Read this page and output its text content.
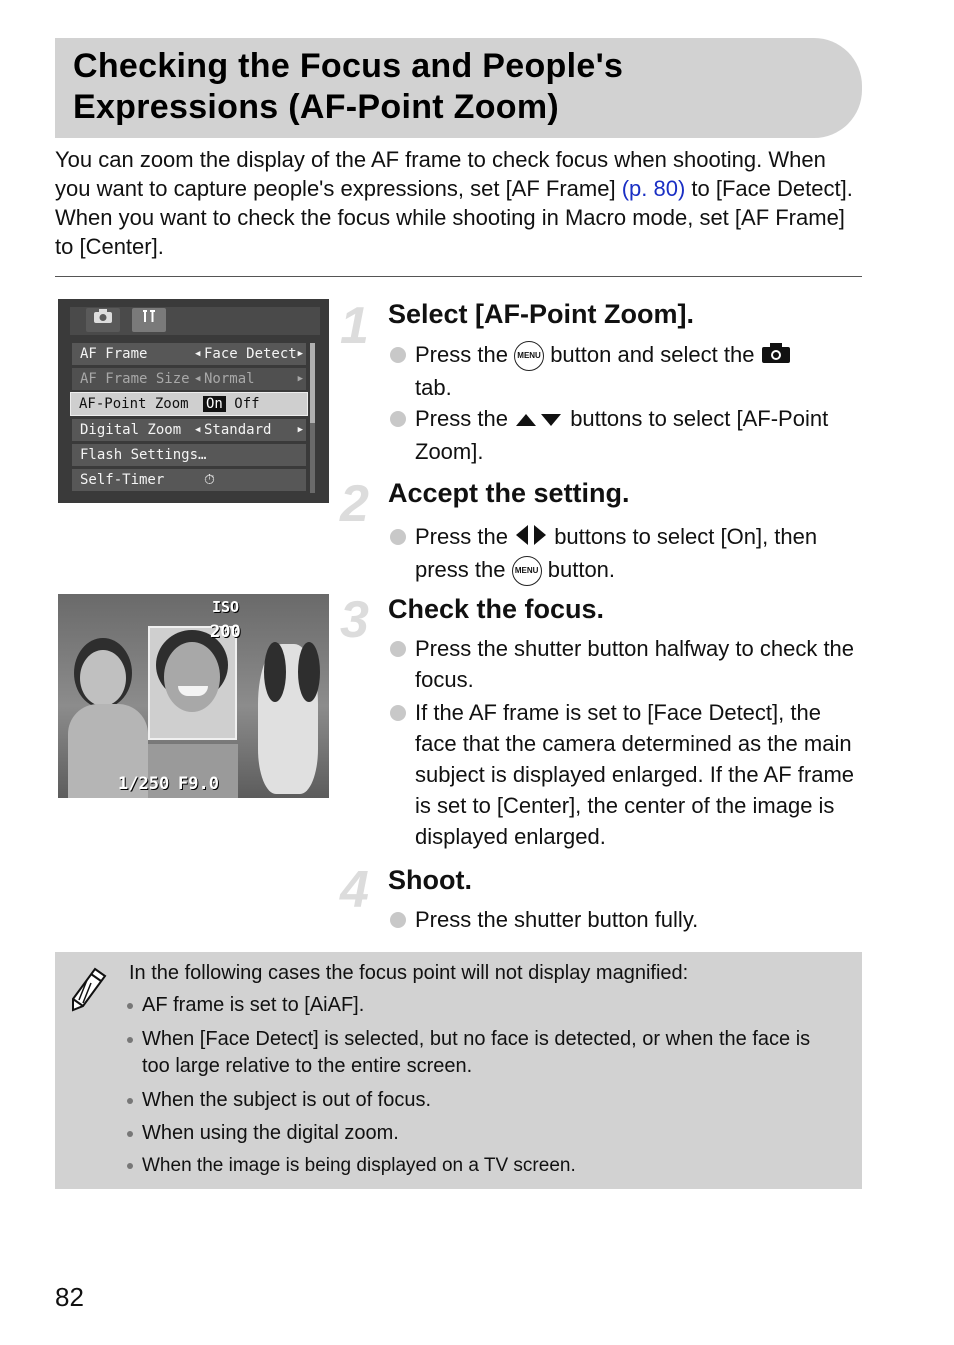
Checking the Focus and People's
Expressions (AF-Point Zoom)

You can zoom the display of the AF frame to check focus when shooting. When you want to capture people's expressions, set [AF Frame] (p. 80) to [Face Detect]. When you want to check the focus while shooting in Macro mode, set [AF Frame] to [Center].

AF Frame	◀ Face Detect ▶
AF Frame Size ◀ Normal	▶
AF-Point Zoom On Off
Digital Zoom ◀ Standard	▶
Flash Settings…
Self-Timer	⏱
ISO
200
1/250 F9.0
1 Select [AF-Point Zoom].

Press the MENU button and select the
tab.

Press the	buttons to select [AF-Point Zoom].

2 Accept the setting.

Press the buttons to select [On], then
press the MENU button.

3 Check the focus.

Press the shutter button halfway to check the focus.

If the AF frame is set to [Face Detect], the face that the camera determined as the main subject is displayed enlarged. If the AF frame is set to [Center], the center of the image is displayed enlarged.

4 Shoot.

Press the shutter button fully.

In the following cases the focus point will not display magnified:

AF frame is set to [AiAF].

When [Face Detect] is selected, but no face is detected, or when the face is too large relative to the entire screen.

When the subject is out of focus.

When using the digital zoom.

When the image is being displayed on a TV screen.

82
